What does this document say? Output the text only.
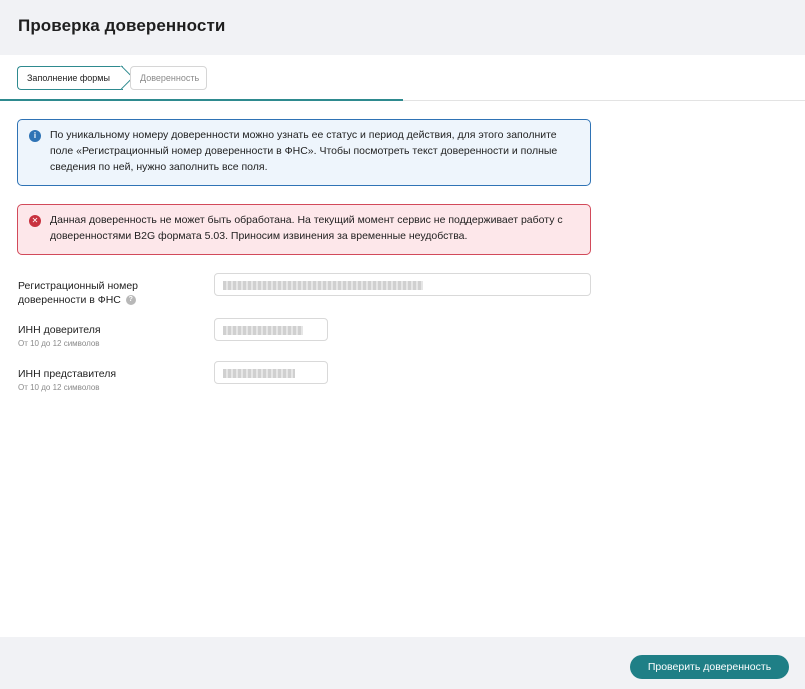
Проверка доверенности
Заполнение формы	Доверенность
i	По уникальному номеру доверенности можно узнать ее статус и период действия, для этого заполните поле «Регистрационный номер доверенности в ФНС». Чтобы посмотреть текст доверенности и полные сведения по ней, нужно заполнить все поля.
✕ Данная доверенность не может быть обработана. На текущий момент сервис не поддерживает работу с доверенностями B2G формата 5.03. Приносим извинения за временные неудобства.
Регистрационный номер
доверенности в ФНС ?
ИНН доверителя
От 10 до 12 символов
ИНН представителя
От 10 до 12 символов
Проверить доверенность
